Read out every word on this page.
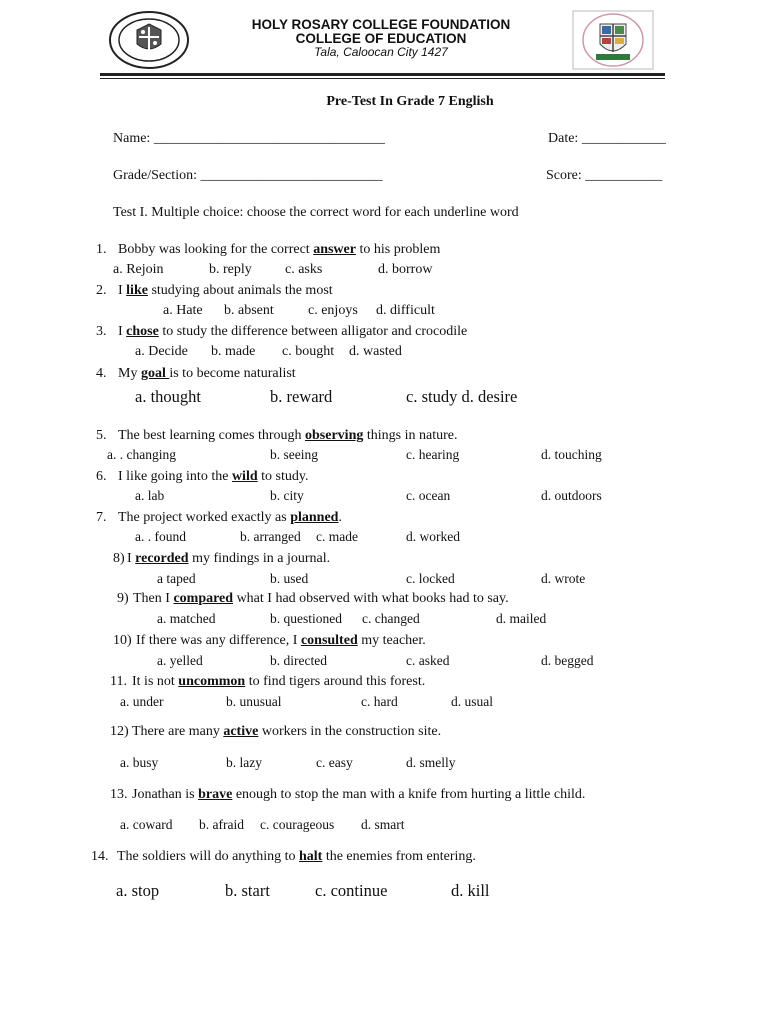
HOLY ROSARY COLLEGE FOUNDATION
COLLEGE OF EDUCATION
Tala, Caloocan City 1427
Pre-Test In Grade 7 English
Name: _________________________________	Date: ____________
Grade/Section: __________________________	Score: ___________
Test I. Multiple choice: choose the correct word for each underline word
1. Bobby was looking for the correct answer to his problem
a. Rejoin	b. reply c. asks	d. borrow
2. I like studying about animals the most
a. Hate b. absent c. enjoys d. difficult
3. I chose to study the difference between alligator and crocodile
a. Decide b. made c. bought d. wasted
4. My goal is to become naturalist
a. thought	b. reward	c. study d. desire
5. The best learning comes through observing things in nature.
a. . changing	b. seeing	c. hearing	d. touching
6. I like going into the wild to study.
a. lab	b. city	c. ocean	d. outdoors
7. The project worked exactly as planned.
a. . found	b. arranged c. made	d. worked
8) I recorded my findings in a journal.
a taped	b. used	c. locked	d. wrote
9) Then I compared what I had observed with what books had to say.
a. matched	b. questioned c. changed	d. mailed
10) If there was any difference, I consulted my teacher.
a. yelled	b. directed	c. asked	d. begged
11. It is not uncommon to find tigers around this forest.
a. under	b. unusual	c. hard	d. usual
12) There are many active workers in the construction site.
a. busy	b. lazy	c. easy	d. smelly
13. Jonathan is brave enough to stop the man with a knife from hurting a little child.
a. coward b. afraid c. courageous d. smart
14. The soldiers will do anything to halt the enemies from entering.
a. stop	b. start	c. continue	d. kill
